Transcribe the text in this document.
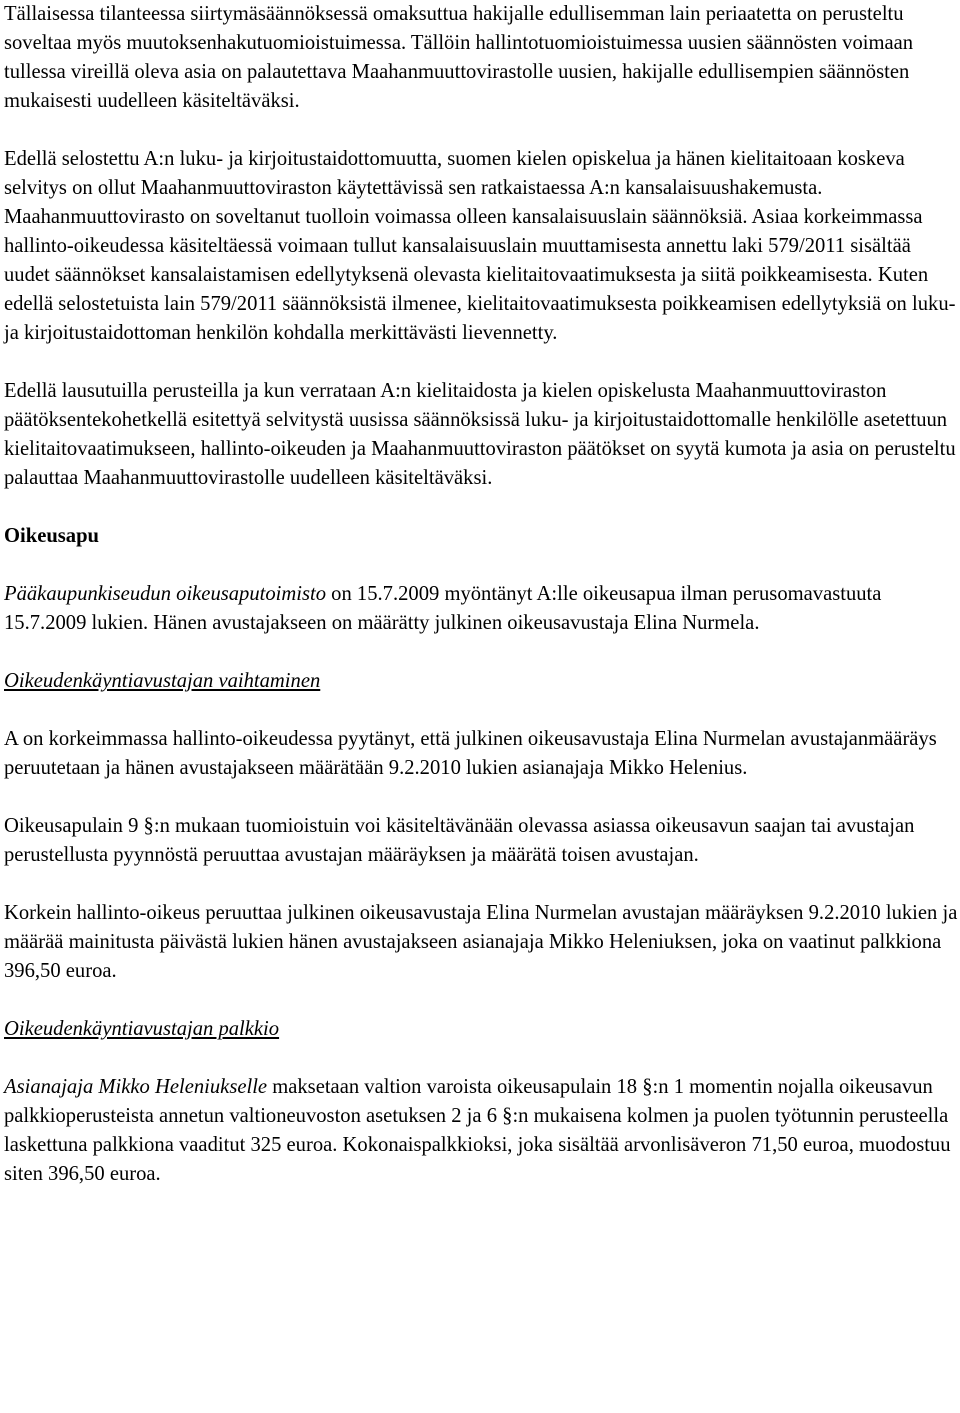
Tällaisessa tilanteessa siirtymäsäännöksessä omaksuttua hakijalle edullisemman lain periaatetta on perusteltu soveltaa myös muutoksenhakutuomioistuimessa. Tällöin hallintotuomioistuimessa uusien säännösten voimaan tullessa vireillä oleva asia on palautettava Maahanmuuttovirastolle uusien, hakijalle edullisempien säännösten mukaisesti uudelleen käsiteltäväksi.

Edellä selostettu A:n luku- ja kirjoitustaidottomuutta, suomen kielen opiskelua ja hänen kielitaitoaan koskeva selvitys on ollut Maahanmuuttoviraston käytettävissä sen ratkaistaessa A:n kansalaisuushakemusta. Maahanmuuttovirasto on soveltanut tuolloin voimassa olleen kansalaisuuslain säännöksiä. Asiaa korkeimmassa hallinto-oikeudessa käsiteltäessä voimaan tullut kansalaisuuslain muuttamisesta annettu laki 579/2011 sisältää uudet säännökset kansalaistamisen edellytyksenä olevasta kielitaitovaatimuksesta ja siitä poikkeamisesta. Kuten edellä selostetuista lain 579/2011 säännöksistä ilmenee, kielitaitovaatimuksesta poikkeamisen edellytyksiä on luku- ja kirjoitustaidottoman henkilön kohdalla merkittävästi lievennetty.

Edellä lausutuilla perusteilla ja kun verrataan A:n kielitaidosta ja kielen opiskelusta Maahanmuuttoviraston päätöksentekohetkellä esitettyä selvitystä uusissa säännöksissä luku- ja kirjoitustaidottomalle henkilölle asetettuun kielitaitovaatimukseen, hallinto-oikeuden ja Maahanmuuttoviraston päätökset on syytä kumota ja asia on perusteltu palauttaa Maahanmuuttovirastolle uudelleen käsiteltäväksi.

Oikeusapu

Pääkaupunkiseudun oikeusaputoimisto on 15.7.2009 myöntänyt A:lle oikeusapua ilman perusomavastuuta 15.7.2009 lukien. Hänen avustajakseen on määrätty julkinen oikeusavustaja Elina Nurmela.

Oikeudenkäyntiavustajan vaihtaminen

A on korkeimmassa hallinto-oikeudessa pyytänyt, että julkinen oikeusavustaja Elina Nurmelan avustajanmääräys peruutetaan ja hänen avustajakseen määrätään 9.2.2010 lukien asianajaja Mikko Helenius.

Oikeusapulain 9 §:n mukaan tuomioistuin voi käsiteltävänään olevassa asiassa oikeusavun saajan tai avustajan perustellusta pyynnöstä peruuttaa avustajan määräyksen ja määrätä toisen avustajan.

Korkein hallinto-oikeus peruuttaa julkinen oikeusavustaja Elina Nurmelan avustajan määräyksen 9.2.2010 lukien ja määrää mainitusta päivästä lukien hänen avustajakseen asianajaja Mikko Heleniuksen, joka on vaatinut palkkiona 396,50 euroa.

Oikeudenkäyntiavustajan palkkio

Asianajaja Mikko Heleniukselle maksetaan valtion varoista oikeusapulain 18 §:n 1 momentin nojalla oikeusavun palkkioperusteista annetun valtioneuvoston asetuksen 2 ja 6 §:n mukaisena kolmen ja puolen työtunnin perusteella laskettuna palkkiona vaaditut 325 euroa. Kokonaispalkkioksi, joka sisältää arvonlisäveron 71,50 euroa, muodostuu siten 396,50 euroa.
